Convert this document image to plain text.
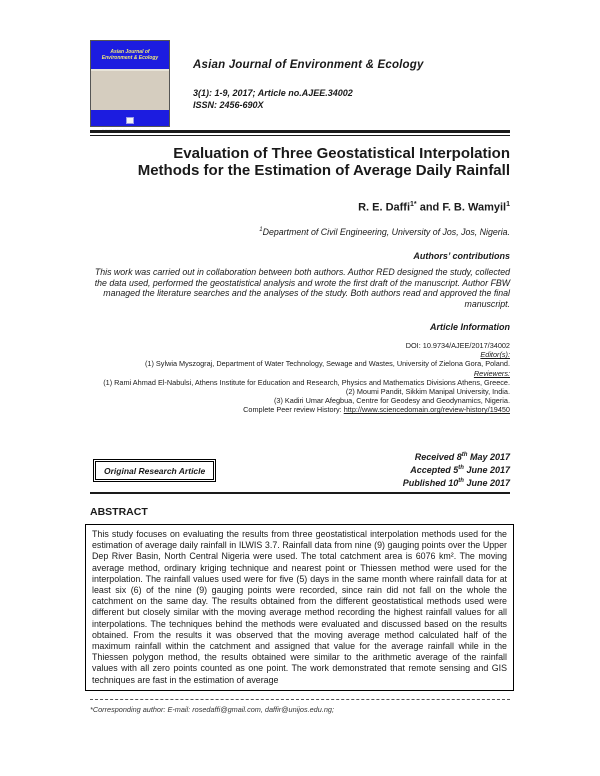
Asian Journal of Environment & Ecology
SCIENCEDOMAIN international
Asian Journal of Environment & Ecology
3(1): 1-9, 2017; Article no.AJEE.34002
ISSN: 2456-690X
Evaluation of Three Geostatistical Interpolation
Methods for the Estimation of Average Daily Rainfall
R. E. Daffi$^{1*}$ and F. B. Wamyil$^1$
$^1$Department of Civil Engineering, University of Jos, Jos, Nigeria.
Authors’ contributions
This work was carried out in collaboration between both authors. Author RED designed the study, collected the data used, performed the geostatistical analysis and wrote the first draft of the manuscript. Author FBW managed the literature searches and the analyses of the study. Both authors read and approved the final manuscript.
Article Information
DOI: 10.9734/AJEE/2017/34002
Editor(s):
(1) Sylwia Myszograj, Department of Water Technology, Sewage and Wastes, University of Zielona Gora, Poland.
Reviewers:
(1) Rami Ahmad El-Nabulsi, Athens Institute for Education and Research, Physics and Mathematics Divisions Athens, Greece.
(2) Moumi Pandit, Sikkim Manipal University, India.
(3) Kadiri Umar Afegbua, Centre for Geodesy and Geodynamics, Nigeria.
Complete Peer review History: http://www.sciencedomain.org/review-history/19450
Original Research Article
Received 8th May 2017
Accepted 5th June 2017
Published 10th June 2017
ABSTRACT
This study focuses on evaluating the results from three geostatistical interpolation methods used for the estimation of average daily rainfall in ILWIS 3.7. Rainfall data from nine (9) gauging points over the Upper Dep River Basin, North Central Nigeria were used. The total catchment area is 6076 km². The moving average method, ordinary kriging technique and nearest point or Thiessen method were used for the interpolation. The rainfall values used were for five (5) days in the same month where rainfall data for at least six (6) of the nine (9) gauging points were recorded, since rain did not fall on the whole the catchment on the same day. The results obtained from the different geostatistical methods used were different but closely similar with the moving average method recording the highest rainfall values for all interpolations. The techniques behind the methods were evaluated and discussed based on the results obtained. From the results it was observed that the moving average method calculated half of the maximum rainfall within the catchment and assigned that value for the average rainfall while in the Thiessen polygon method, the results obtained were similar to the arithmetic average of the rainfall values with all zero points counted as one point. The work demonstrated that remote sensing and GIS techniques are fast in the estimation of average
*Corresponding author: E-mail: rosedaffi@gmail.com, daffir@unijos.edu.ng;
